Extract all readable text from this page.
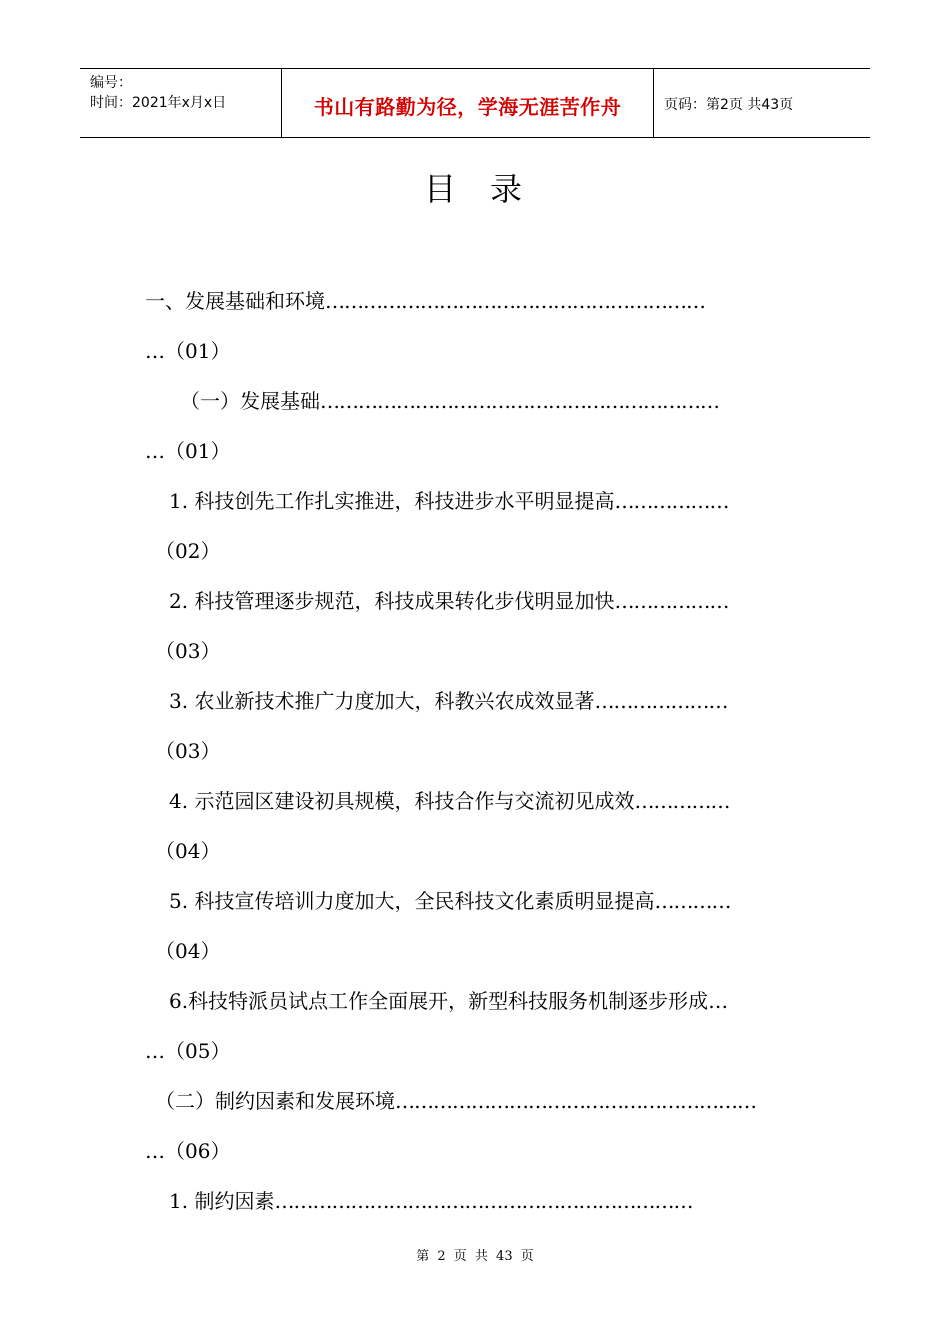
编号：
时间：2021年x月x日	书山有路勤为径，学海无涯苦作舟	页码：第2页 共43页
目录
一、发展基础和环境……………………………………………………
…（01）
（一）发展基础………………………………………………………
…（01）
1. 科技创先工作扎实推进，科技进步水平明显提高………………
（02）
2. 科技管理逐步规范，科技成果转化步伐明显加快………………
（03）
3. 农业新技术推广力度加大，科教兴农成效显著…………………
（03）
4. 示范园区建设初具规模，科技合作与交流初见成效……………
（04）
5. 科技宣传培训力度加大，全民科技文化素质明显提高…………
（04）
6.科技特派员试点工作全面展开，新型科技服务机制逐步形成…
…（05）
（二）制约因素和发展环境…………………………………………………
…（06）
1. 制约因素…………………………………………………………
第 2 页 共 43 页
